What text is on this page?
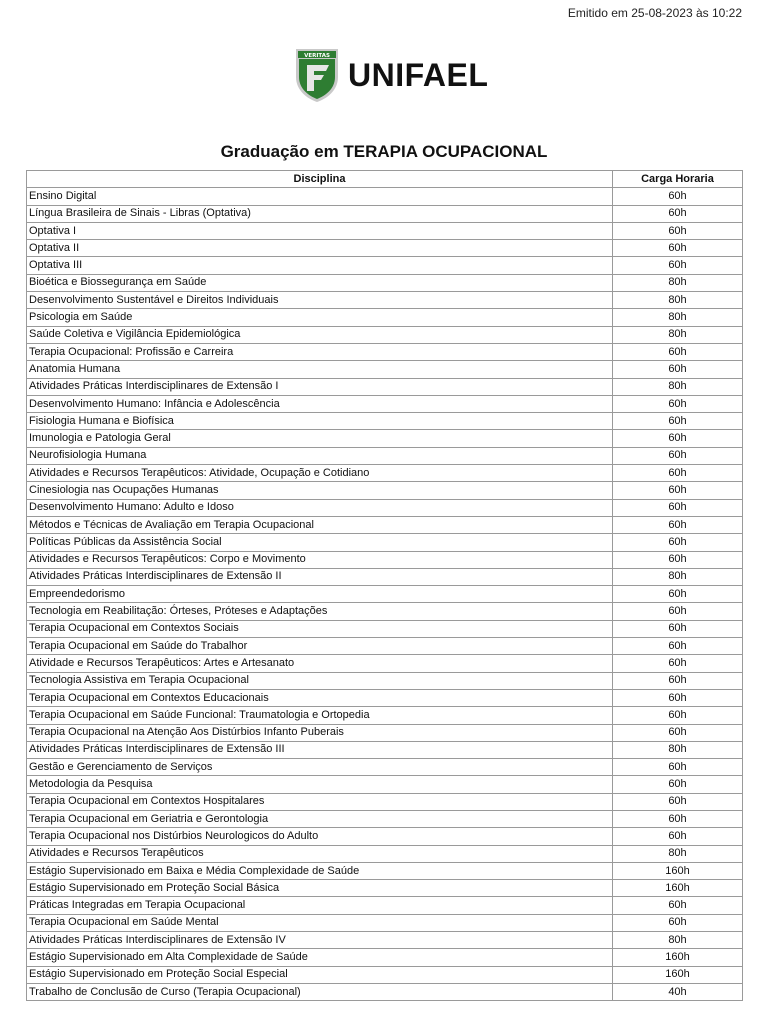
Emitido em 25-08-2023 às 10:22
VERITAS
UNIFAEL
Graduação em TERAPIA OCUPACIONAL
Disciplina	Carga Horaria
Ensino Digital	60h
Língua Brasileira de Sinais - Libras (Optativa)	60h
Optativa I	60h
Optativa II	60h
Optativa III	60h
Bioética e Biossegurança em Saúde	80h
Desenvolvimento Sustentável e Direitos Individuais	80h
Psicologia em Saúde	80h
Saúde Coletiva e Vigilância Epidemiológica	80h
Terapia Ocupacional: Profissão e Carreira	60h
Anatomia Humana	60h
Atividades Práticas Interdisciplinares de Extensão I	80h
Desenvolvimento Humano: Infância e Adolescência	60h
Fisiologia Humana e Biofísica	60h
Imunologia e Patologia Geral	60h
Neurofisiologia Humana	60h
Atividades e Recursos Terapêuticos: Atividade, Ocupação e Cotidiano	60h
Cinesiologia nas Ocupações Humanas	60h
Desenvolvimento Humano: Adulto e Idoso	60h
Métodos e Técnicas de Avaliação em Terapia Ocupacional	60h
Políticas Públicas da Assistência Social	60h
Atividades e Recursos Terapêuticos: Corpo e Movimento	60h
Atividades Práticas Interdisciplinares de Extensão II	80h
Empreendedorismo	60h
Tecnologia em Reabilitação: Órteses, Próteses e Adaptações	60h
Terapia Ocupacional em Contextos Sociais	60h
Terapia Ocupacional em Saúde do Trabalhor	60h
Atividade e Recursos Terapêuticos: Artes e Artesanato	60h
Tecnologia Assistiva em Terapia Ocupacional	60h
Terapia Ocupacional em Contextos Educacionais	60h
Terapia Ocupacional em Saúde Funcional: Traumatologia e Ortopedia	60h
Terapia Ocupacional na Atenção Aos Distúrbios Infanto Puberais	60h
Atividades Práticas Interdisciplinares de Extensão III	80h
Gestão e Gerenciamento de Serviços	60h
Metodologia da Pesquisa	60h
Terapia Ocupacional em Contextos Hospitalares	60h
Terapia Ocupacional em Geriatria e Gerontologia	60h
Terapia Ocupacional nos Distúrbios Neurologicos do Adulto	60h
Atividades e Recursos Terapêuticos	80h
Estágio Supervisionado em Baixa e Média Complexidade de Saúde	160h
Estágio Supervisionado em Proteção Social Básica	160h
Práticas Integradas em Terapia Ocupacional	60h
Terapia Ocupacional em Saúde Mental	60h
Atividades Práticas Interdisciplinares de Extensão IV	80h
Estágio Supervisionado em Alta Complexidade de Saúde	160h
Estágio Supervisionado em Proteção Social Especial	160h
Trabalho de Conclusão de Curso (Terapia Ocupacional)	40h
